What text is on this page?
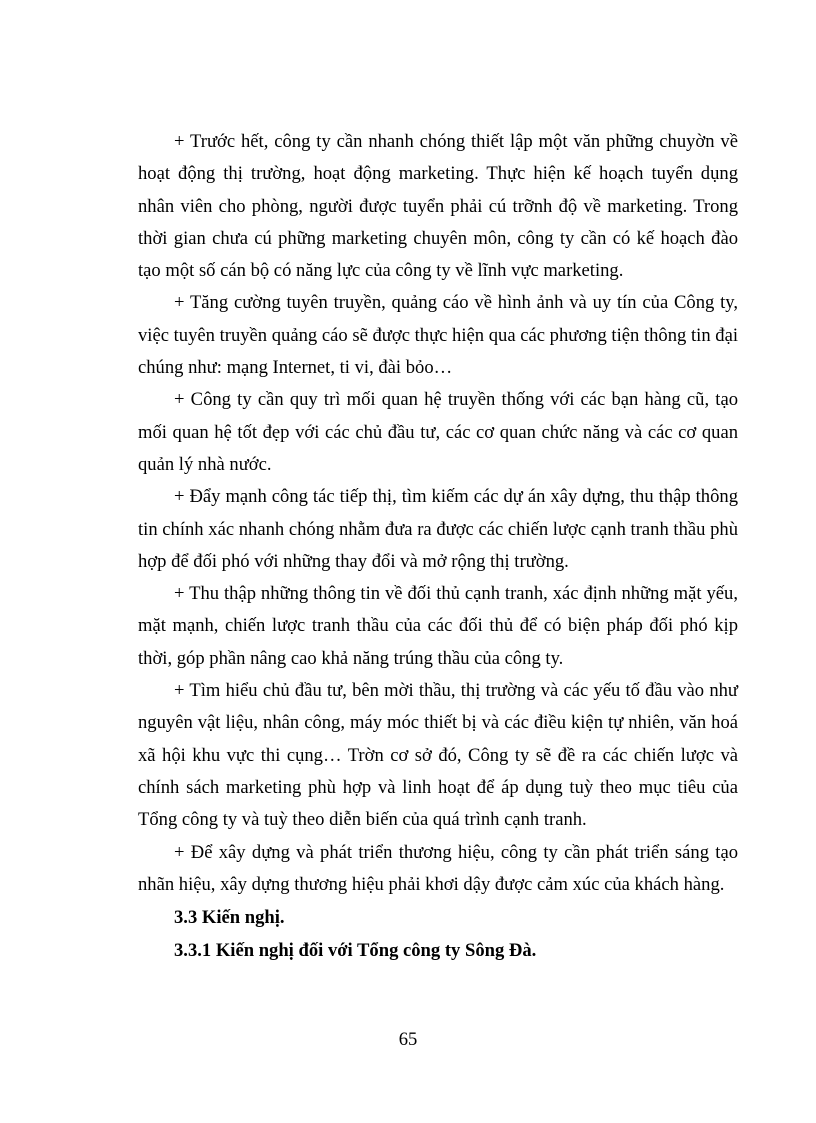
+ Trước hết, công ty cần nhanh chóng thiết lập một văn phững chuyờn về hoạt động thị trường, hoạt động marketing. Thực hiện kế hoạch tuyển dụng nhân viên cho phòng, người được tuyển phải cú trỡnh độ về marketing. Trong thời gian chưa cú phững marketing chuyên môn, công ty cần có kế hoạch đào tạo một số cán bộ có năng lực của công ty về lĩnh vực marketing.

+ Tăng cường tuyên truyền, quảng cáo về hình ảnh và uy tín của Công ty, việc tuyên truyền quảng cáo sẽ được thực hiện qua các phương tiện thông tin đại chúng như: mạng Internet, ti vi, đài bỏo…

+ Công ty cần quy trì mối quan hệ truyền thống với các bạn hàng cũ, tạo mối quan hệ tốt đẹp với các chủ đầu tư, các cơ quan chức năng và các cơ quan quản lý nhà nước.

+ Đẩy mạnh công tác tiếp thị, tìm kiếm các dự án xây dựng, thu thập thông tin chính xác nhanh chóng nhằm đưa ra được các chiến lược cạnh tranh thầu phù hợp để đối phó với những thay đổi và mở rộng thị trường.

+ Thu thập những thông tin về đối thủ cạnh tranh, xác định những mặt yếu, mặt mạnh, chiến lược tranh thầu của các đối thủ để có biện pháp đối phó kịp thời, góp phần nâng cao khả năng trúng thầu của công ty.

+ Tìm hiểu chủ đầu tư, bên mời thầu, thị trường và các yếu tố đầu vào như nguyên vật liệu, nhân công, máy móc thiết bị và các điều kiện tự nhiên, văn hoá xã hội khu vực thi cụng… Trờn cơ sở đó, Công ty sẽ đề ra các chiến lược và chính sách marketing phù hợp và linh hoạt để áp dụng tuỳ theo mục tiêu của Tổng công ty và tuỳ theo diễn biến của quá trình cạnh tranh.

+ Để xây dựng và phát triển thương hiệu, công ty cần phát triển sáng tạo nhãn hiệu, xây dựng thương hiệu phải khơi dậy được cảm xúc của khách hàng.

3.3 Kiến nghị.

3.3.1 Kiến nghị đối với Tổng công ty Sông Đà.

65
